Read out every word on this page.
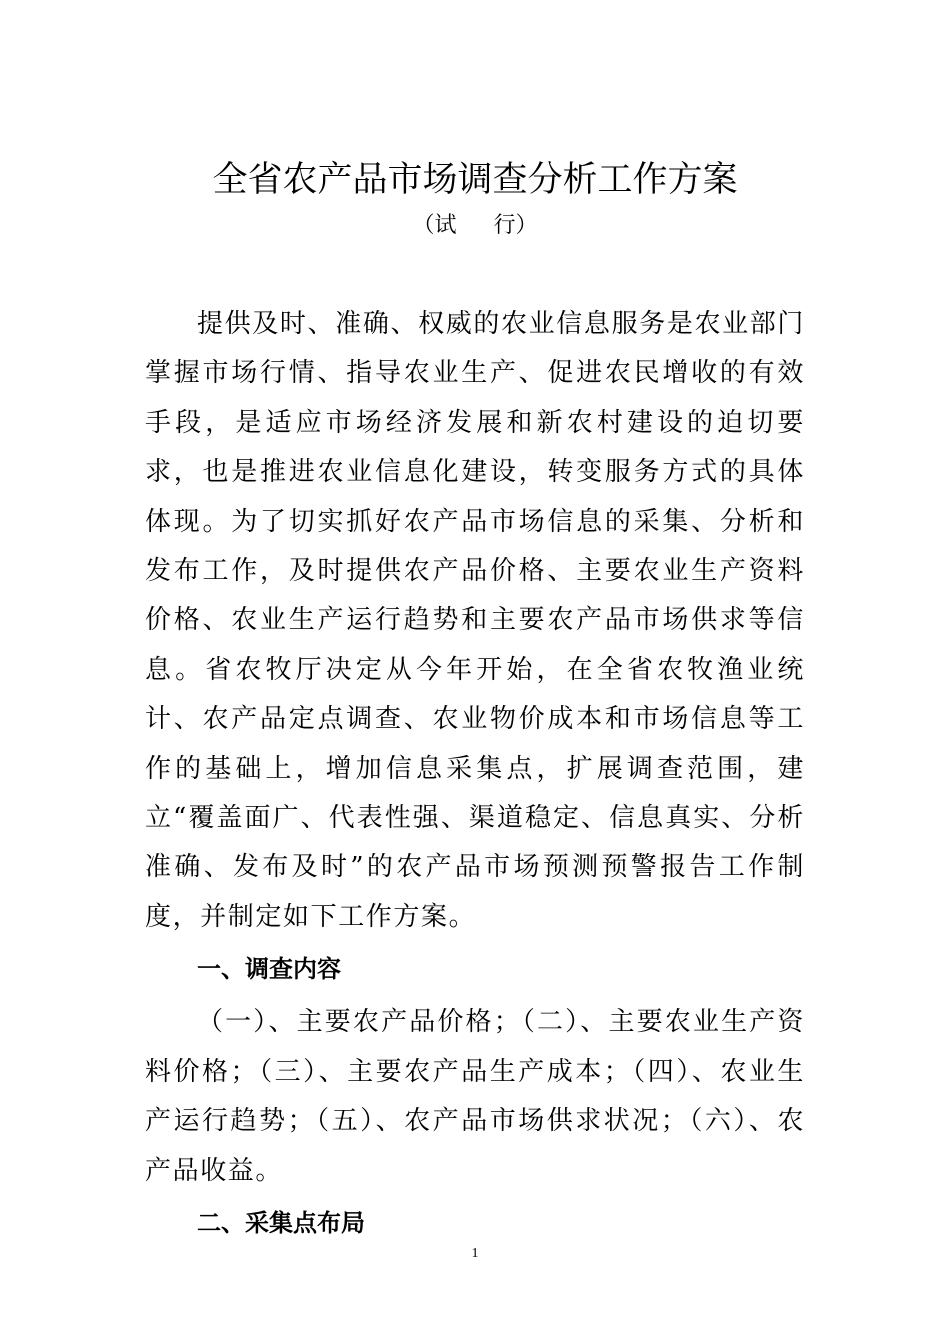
全省农产品市场调查分析工作方案
（试 行）

提供及时、准确、权威的农业信息服务是农业部门掌握市场行情、指导农业生产、促进农民增收的有效手段，是适应市场经济发展和新农村建设的迫切要求，也是推进农业信息化建设，转变服务方式的具体体现。为了切实抓好农产品市场信息的采集、分析和发布工作，及时提供农产品价格、主要农业生产资料价格、农业生产运行趋势和主要农产品市场供求等信息。省农牧厅决定从今年开始，在全省农牧渔业统计、农产品定点调查、农业物价成本和市场信息等工作的基础上，增加信息采集点，扩展调查范围，建立“覆盖面广、代表性强、渠道稳定、信息真实、分析准确、发布及时”的农产品市场预测预警报告工作制度，并制定如下工作方案。

一、调查内容

（一）、主要农产品价格；（二）、主要农业生产资料价格；（三）、主要农产品生产成本；（四）、农业生产运行趋势；（五）、农产品市场供求状况；（六）、农产品收益。

二、采集点布局
1
